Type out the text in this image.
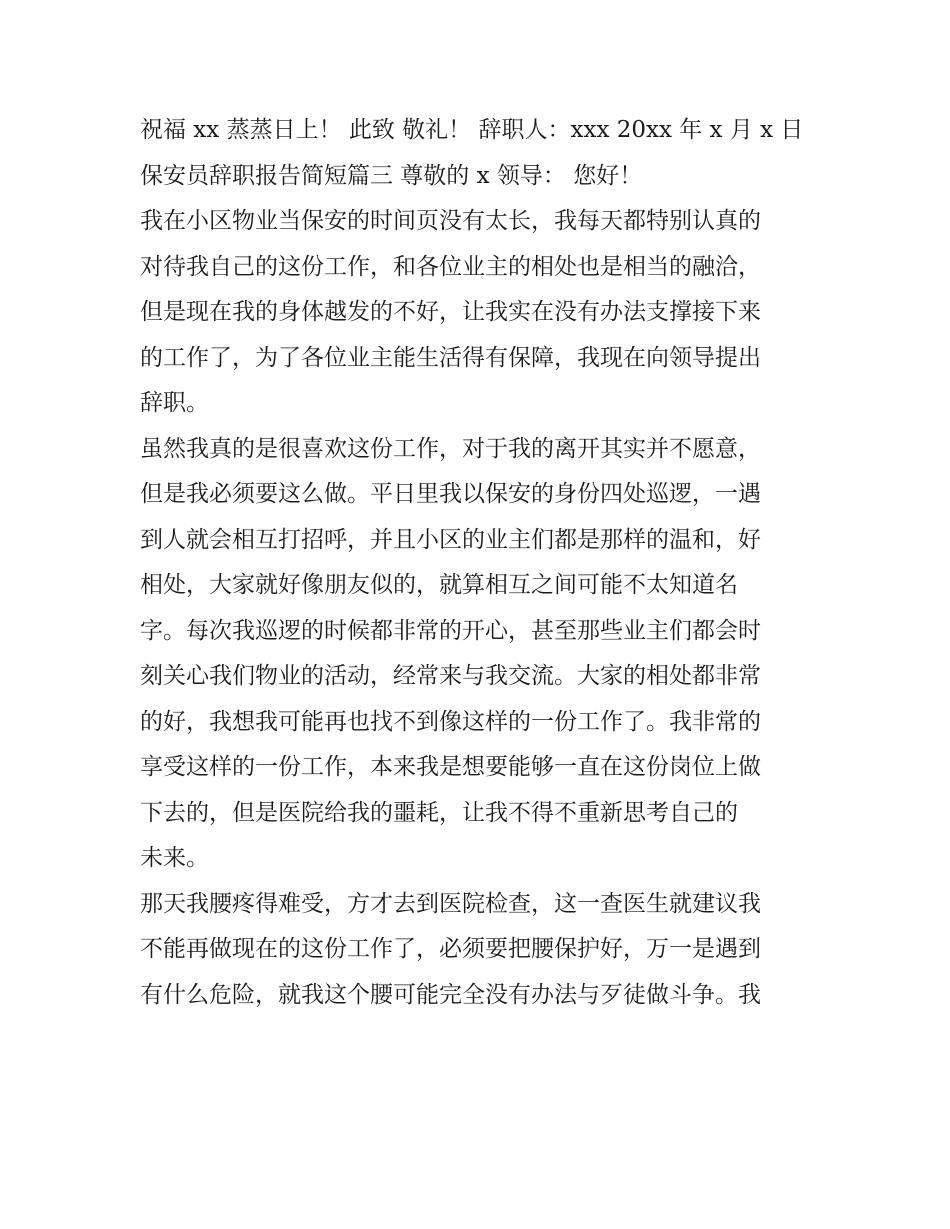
祝福 xx 蒸蒸日上！ 此致 敬礼！ 辞职人：xxx 20xx 年 x 月 x 日
保安员辞职报告简短篇三 尊敬的 x 领导： 您好！
我在小区物业当保安的时间页没有太长，我每天都特别认真的
对待我自己的这份工作，和各位业主的相处也是相当的融洽，
但是现在我的身体越发的不好，让我实在没有办法支撑接下来
的工作了，为了各位业主能生活得有保障，我现在向领导提出
辞职。
虽然我真的是很喜欢这份工作，对于我的离开其实并不愿意，
但是我必须要这么做。平日里我以保安的身份四处巡逻，一遇
到人就会相互打招呼，并且小区的业主们都是那样的温和，好
相处，大家就好像朋友似的，就算相互之间可能不太知道名
字。每次我巡逻的时候都非常的开心，甚至那些业主们都会时
刻关心我们物业的活动，经常来与我交流。大家的相处都非常
的好，我想我可能再也找不到像这样的一份工作了。我非常的
享受这样的一份工作，本来我是想要能够一直在这份岗位上做
下去的，但是医院给我的噩耗，让我不得不重新思考自己的
未来。
那天我腰疼得难受，方才去到医院检查，这一查医生就建议我
不能再做现在的这份工作了，必须要把腰保护好，万一是遇到
有什么危险，就我这个腰可能完全没有办法与歹徒做斗争。我
